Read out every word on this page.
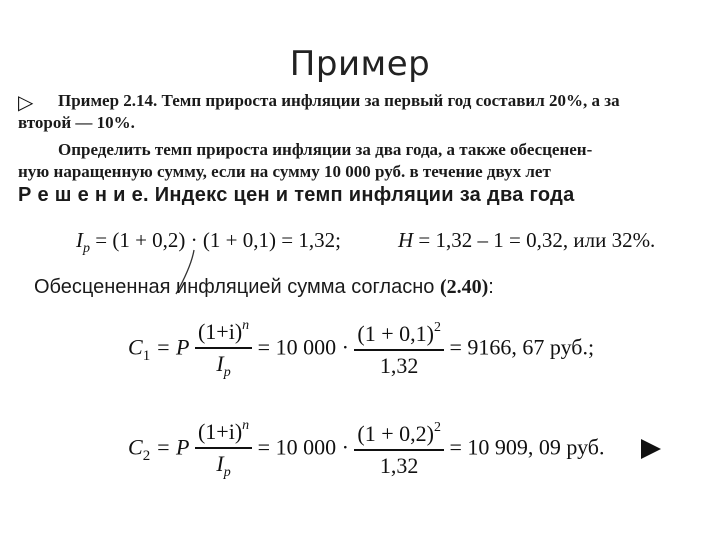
Пример
▷ Пример 2.14. Темп прироста инфляции за первый год составил 20%, а за
второй — 10%.
Определить темп прироста инфляции за два года, а также обесценен-
ную наращенную сумму, если на сумму 10 000 руб. в течение двух лет
Р е ш е н и е. Индекс цен и темп инфляции за два года
$I_p = (1 + 0,2) \cdot (1 + 0,1) = 1,32$;	H = 1,32 – 1 = 0,32, или 32%.
Обесцененная инфляцией сумма согласно (2.40):
$C_1 = P \frac{(1+i)^n}{I_p} = 10$ $000 \cdot \frac{(1 + 0,1)^2}{1,32} = 9166$, 67 руб.;
$C_2 = P \frac{(1+i)^n}{I_p} = 10$ $000 \cdot \frac{(1 + 0,2)^2}{1,32} = 10$ 909, 09 руб.
